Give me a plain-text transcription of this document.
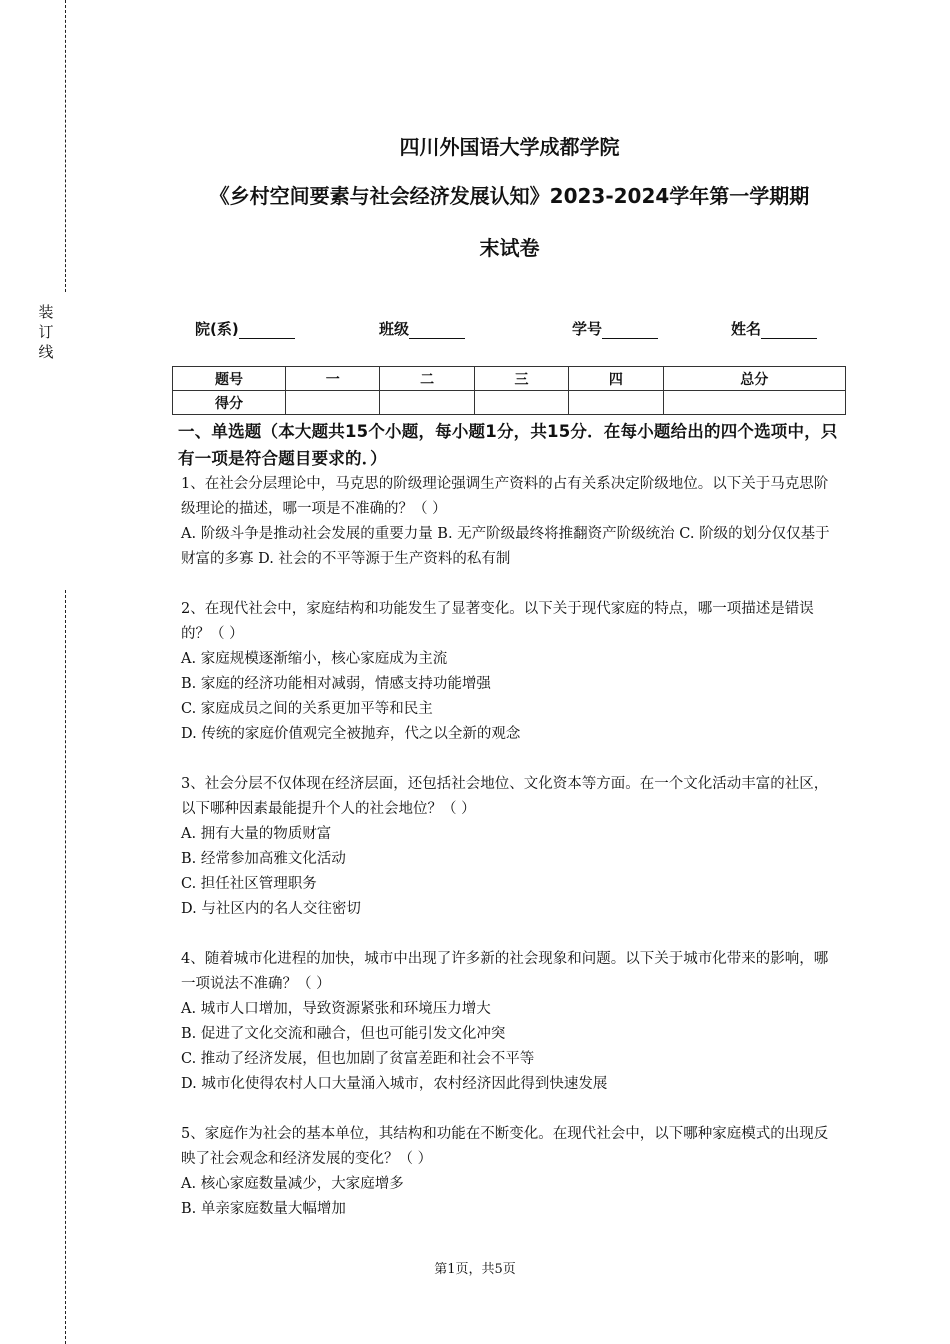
装
订
线
四川外国语大学成都学院
《乡村空间要素与社会经济发展认知》2023-2024学年第一学期期
末试卷
院(系)	班级	学号	姓名
题号	一	二	三	四	总分
得分					
一、单选题（本大题共15个小题，每小题1分，共15分．在每小题给出的四个选项中，只有一项是符合题目要求的．）

1、在社会分层理论中，马克思的阶级理论强调生产资料的占有关系决定阶级地位。以下关于马克思阶级理论的描述，哪一项是不准确的？（ ）

A. 阶级斗争是推动社会发展的重要力量 B. 无产阶级最终将推翻资产阶级统治 C. 阶级的划分仅仅基于财富的多寡 D. 社会的不平等源于生产资料的私有制

2、在现代社会中，家庭结构和功能发生了显著变化。以下关于现代家庭的特点，哪一项描述是错误的？（ ）

A. 家庭规模逐渐缩小，核心家庭成为主流

B. 家庭的经济功能相对减弱，情感支持功能增强

C. 家庭成员之间的关系更加平等和民主

D. 传统的家庭价值观完全被抛弃，代之以全新的观念

3、社会分层不仅体现在经济层面，还包括社会地位、文化资本等方面。在一个文化活动丰富的社区，以下哪种因素最能提升个人的社会地位？（ ）

A. 拥有大量的物质财富

B. 经常参加高雅文化活动

C. 担任社区管理职务

D. 与社区内的名人交往密切

4、随着城市化进程的加快，城市中出现了许多新的社会现象和问题。以下关于城市化带来的影响，哪一项说法不准确？（ ）

A. 城市人口增加，导致资源紧张和环境压力增大

B. 促进了文化交流和融合，但也可能引发文化冲突

C. 推动了经济发展，但也加剧了贫富差距和社会不平等

D. 城市化使得农村人口大量涌入城市，农村经济因此得到快速发展

5、家庭作为社会的基本单位，其结构和功能在不断变化。在现代社会中，以下哪种家庭模式的出现反映了社会观念和经济发展的变化？（ ）

A. 核心家庭数量减少，大家庭增多

B. 单亲家庭数量大幅增加

第1页，共5页
